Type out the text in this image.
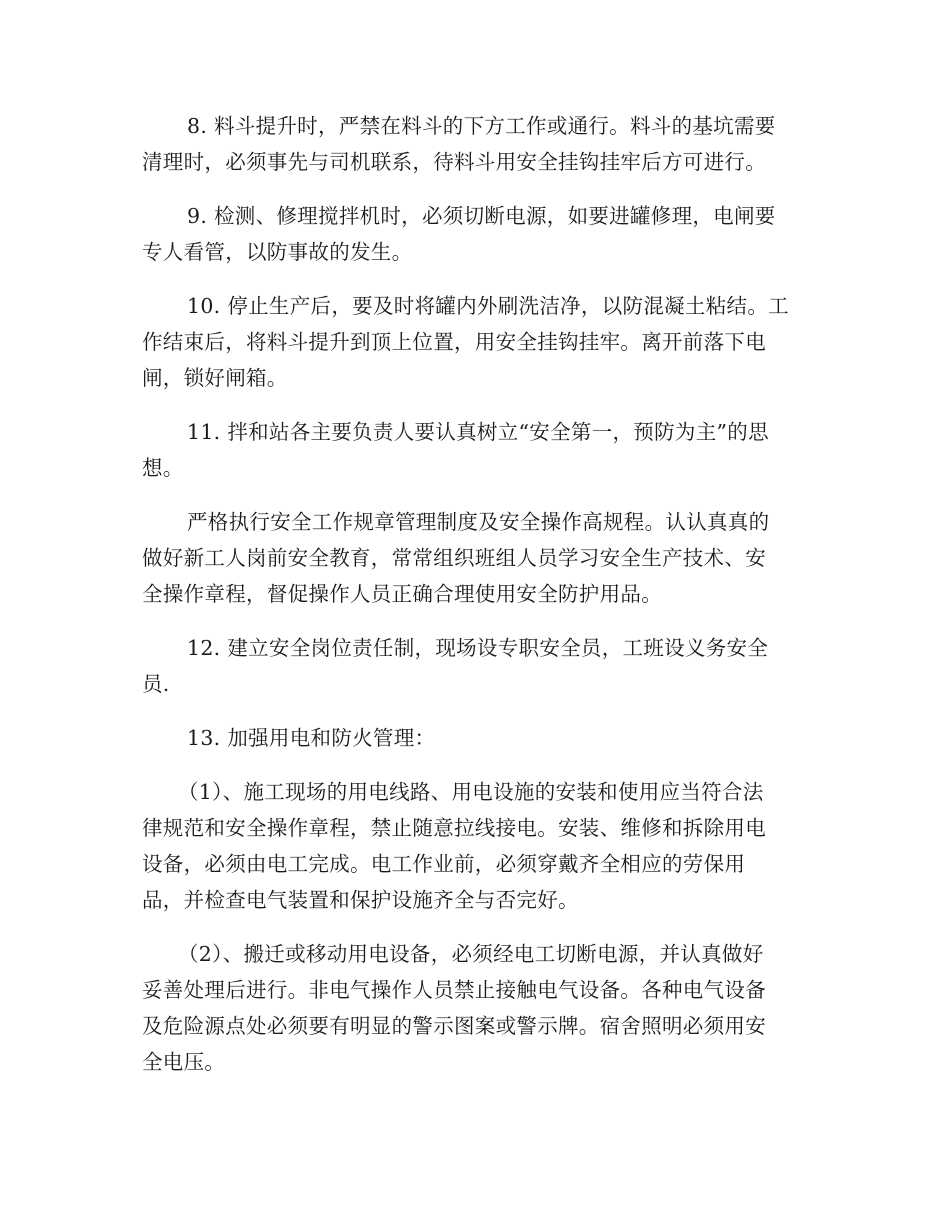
8. 料斗提升时，严禁在料斗的下方工作或通行。料斗的基坑需要
清理时，必须事先与司机联系，待料斗用安全挂钩挂牢后方可进行。

9. 检测、修理搅拌机时，必须切断电源，如要进罐修理，电闸要
专人看管，以防事故的发生。

10. 停止生产后，要及时将罐内外刷洗洁净，以防混凝土粘结。工
作结束后，将料斗提升到顶上位置，用安全挂钩挂牢。离开前落下电
闸，锁好闸箱。

11. 拌和站各主要负责人要认真树立“安全第一，预防为主”的思
想。

严格执行安全工作规章管理制度及安全操作高规程。认认真真的
做好新工人岗前安全教育，常常组织班组人员学习安全生产技术、安
全操作章程，督促操作人员正确合理使用安全防护用品。

12. 建立安全岗位责任制，现场设专职安全员，工班设义务安全
员.

13. 加强用电和防火管理：

（1）、施工现场的用电线路、用电设施的安装和使用应当符合法
律规范和安全操作章程，禁止随意拉线接电。安装、维修和拆除用电
设备，必须由电工完成。电工作业前，必须穿戴齐全相应的劳保用
品，并检查电气装置和保护设施齐全与否完好。

（2）、搬迁或移动用电设备，必须经电工切断电源，并认真做好
妥善处理后进行。非电气操作人员禁止接触电气设备。各种电气设备
及危险源点处必须要有明显的警示图案或警示牌。宿舍照明必须用安
全电压。
